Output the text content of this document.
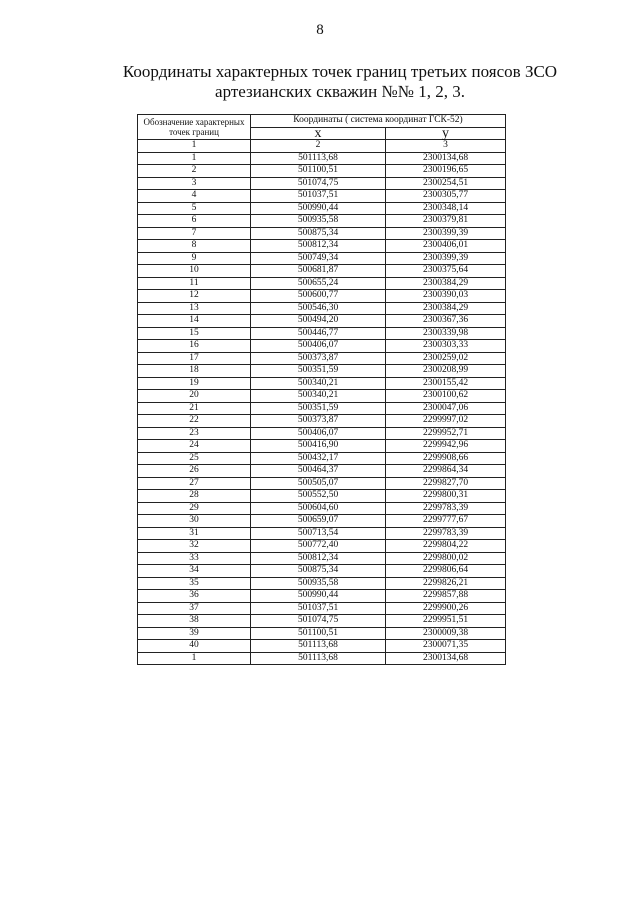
8
Координаты характерных точек границ третьих поясов ЗСО
артезианских скважин №№ 1, 2, 3.
Обозначение характерных точек границ	Координаты ( система координат ГСК-52)	
	x	y
1	2	3
1	501113,68	2300134,68
2	501100,51	2300196,65
3	501074,75	2300254,51
4	501037,51	2300305,77
5	500990,44	2300348,14
6	500935,58	2300379,81
7	500875,34	2300399,39
8	500812,34	2300406,01
9	500749,34	2300399,39
10	500681,87	2300375,64
11	500655,24	2300384,29
12	500600,77	2300390,03
13	500546,30	2300384,29
14	500494,20	2300367,36
15	500446,77	2300339,98
16	500406,07	2300303,33
17	500373,87	2300259,02
18	500351,59	2300208,99
19	500340,21	2300155,42
20	500340,21	2300100,62
21	500351,59	2300047,06
22	500373,87	2299997,02
23	500406,07	2299952,71
24	500416,90	2299942,96
25	500432,17	2299908,66
26	500464,37	2299864,34
27	500505,07	2299827,70
28	500552,50	2299800,31
29	500604,60	2299783,39
30	500659,07	2299777,67
31	500713,54	2299783,39
32	500772,40	2299804,22
33	500812,34	2299800,02
34	500875,34	2299806,64
35	500935,58	2299826,21
36	500990,44	2299857,88
37	501037,51	2299900,26
38	501074,75	2299951,51
39	501100,51	2300009,38
40	501113,68	2300071,35
1	501113,68	2300134,68
